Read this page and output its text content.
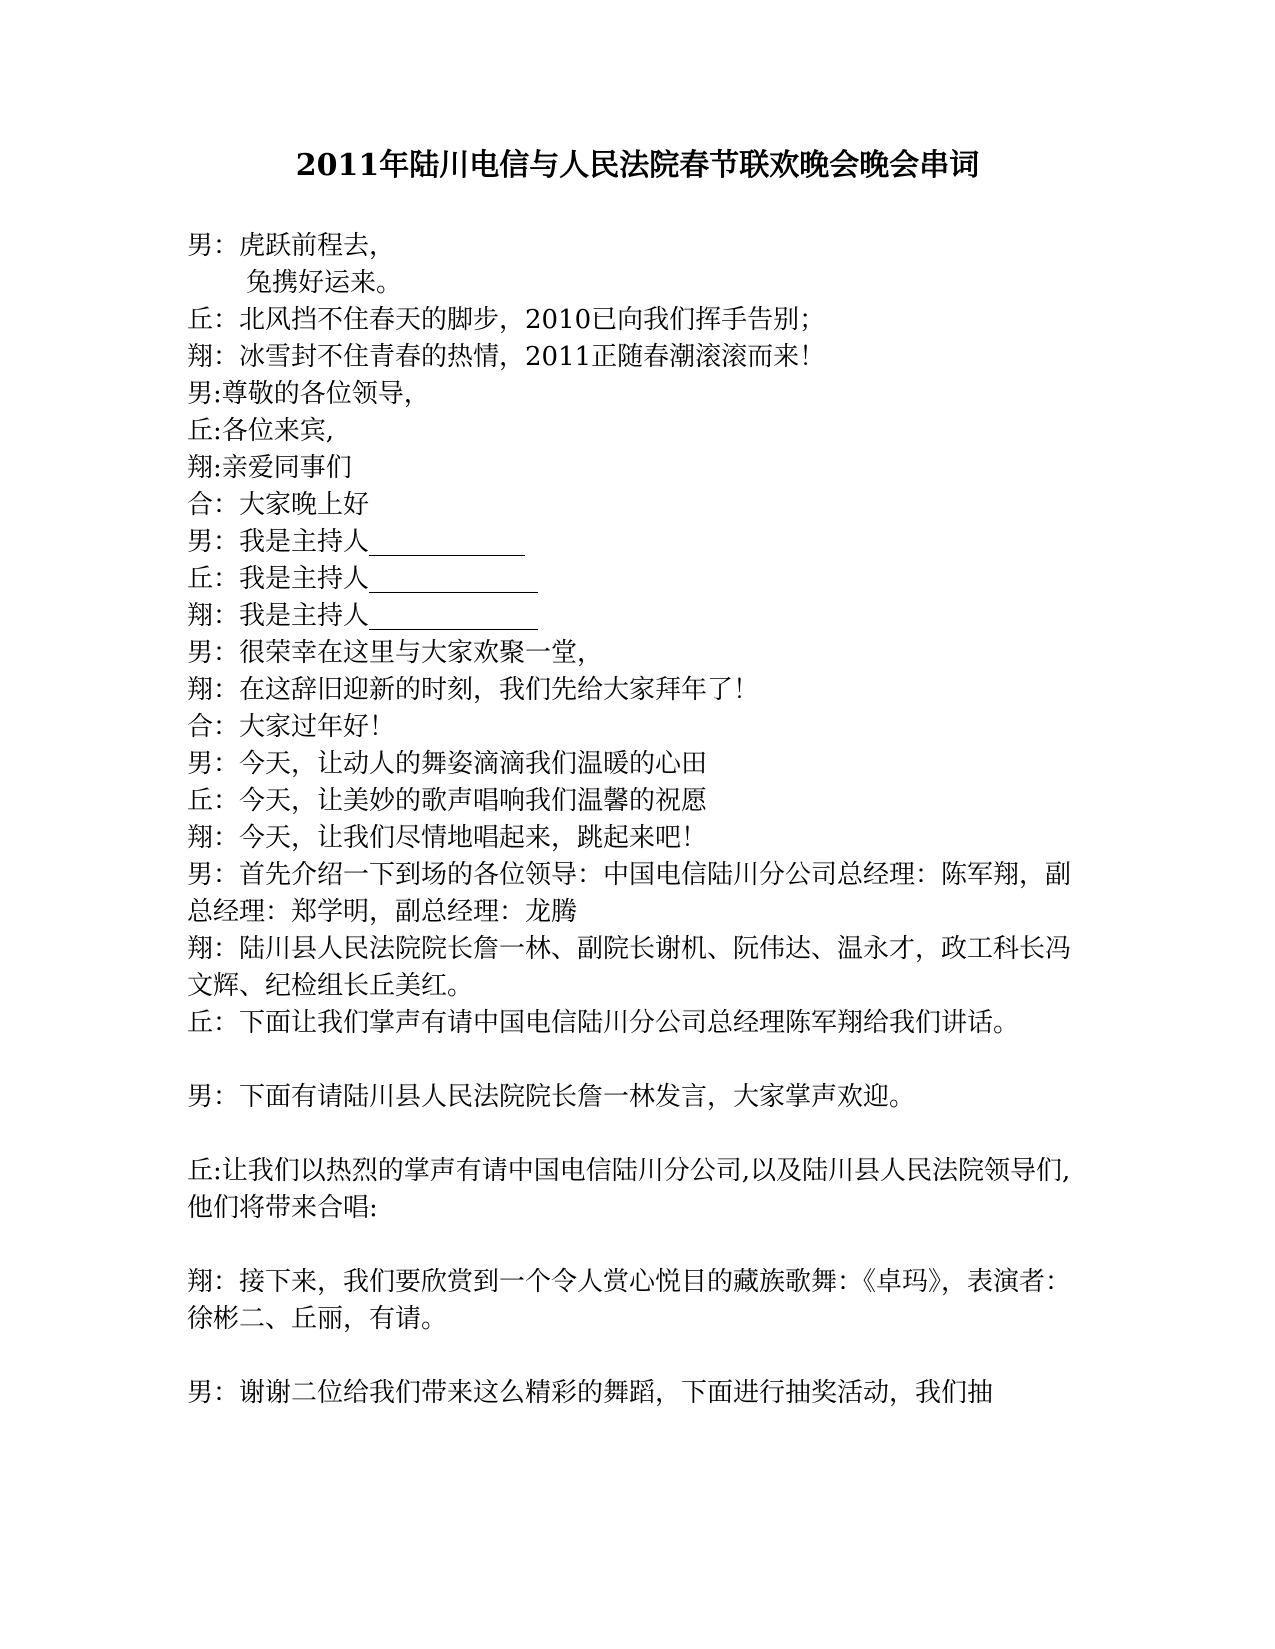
2011年陆川电信与人民法院春节联欢晚会晚会串词
男：虎跃前程去，
兔携好运来。
丘：北风挡不住春天的脚步，2010已向我们挥手告别；
翔：冰雪封不住青春的热情，2011正随春潮滚滚而来！
男:尊敬的各位领导，
丘:各位来宾,
翔:亲爱同事们
合：大家晚上好
男：我是主持人____________
丘：我是主持人_____________
翔：我是主持人_____________
男：很荣幸在这里与大家欢聚一堂，
翔：在这辞旧迎新的时刻，我们先给大家拜年了！
合：大家过年好！
男：今天，让动人的舞姿滴滴我们温暖的心田
丘：今天，让美妙的歌声唱响我们温馨的祝愿
翔：今天，让我们尽情地唱起来，跳起来吧！
男：首先介绍一下到场的各位领导：中国电信陆川分公司总经理：陈军翔，副总经理：郑学明，副总经理：龙腾
翔：陆川县人民法院院长詹一林、副院长谢机、阮伟达、温永才，政工科长冯文辉、纪检组长丘美红。
丘：下面让我们掌声有请中国电信陆川分公司总经理陈军翔给我们讲话。
男：下面有请陆川县人民法院院长詹一林发言，大家掌声欢迎。
丘:让我们以热烈的掌声有请中国电信陆川分公司,以及陆川县人民法院领导们,他们将带来合唱:
翔：接下来，我们要欣赏到一个令人赏心悦目的藏族歌舞：《卓玛》，表演者：徐彬二、丘丽，有请。
男：谢谢二位给我们带来这么精彩的舞蹈，下面进行抽奖活动，我们抽
